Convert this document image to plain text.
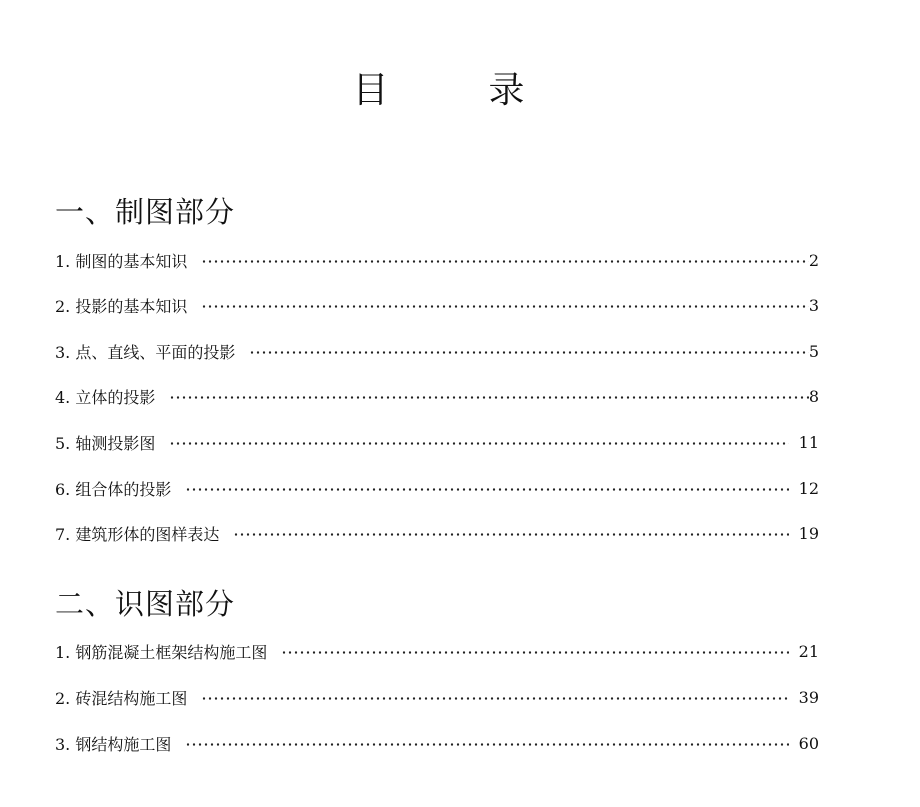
目　录
一、制图部分
1. 制图的基本知识	2
2. 投影的基本知识	3
3. 点、直线、平面的投影	5
4. 立体的投影	8
5. 轴测投影图	11
6. 组合体的投影	12
7. 建筑形体的图样表达	19
二、识图部分
1. 钢筋混凝土框架结构施工图	21
2. 砖混结构施工图	39
3. 钢结构施工图	60
